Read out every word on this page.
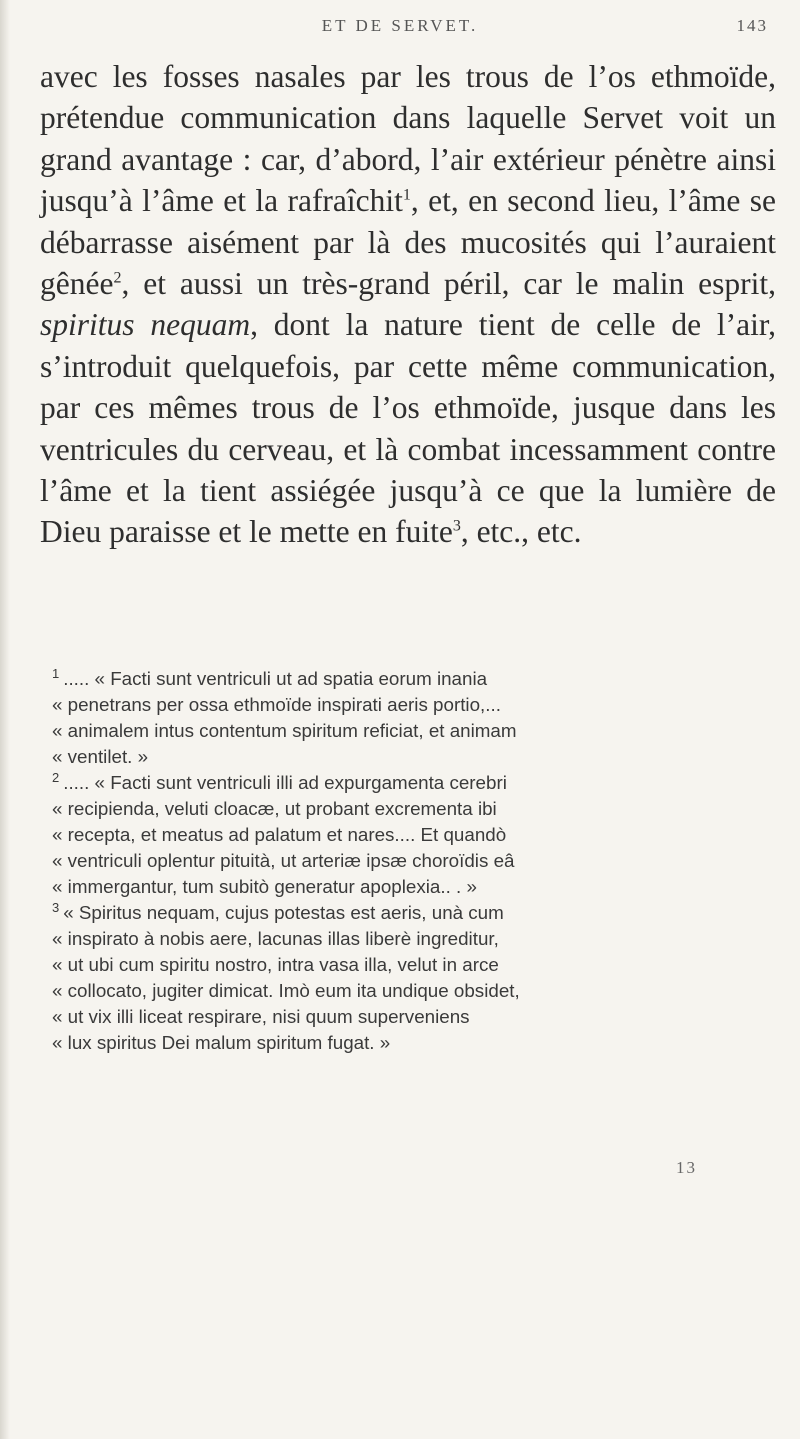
ET DE SERVET.	143

avec les fosses nasales par les trous de l’os ethmoïde, prétendue communication dans laquelle Servet voit un grand avantage : car, d’abord, l’air extérieur pénètre ainsi jusqu’à l’âme et la rafraîchit$^1$, et, en second lieu, l’âme se débarrasse aisément par là des mucosités qui l’auraient gênée$^2$, et aussi un très-grand péril, car le malin esprit, spiritus nequam, dont la nature tient de celle de l’air, s’introduit quelquefois, par cette même communication, par ces mêmes trous de l’os ethmoïde, jusque dans les ventricules du cerveau, et là combat incessamment contre l’âme et la tient assiégée jusqu’à ce que la lumière de Dieu paraisse et le mette en fuite$^3$, etc., etc.

$^1$ ..... « Facti sunt ventriculi ut ad spatia eorum inania
« penetrans per ossa ethmoïde inspirati aeris portio,...
« animalem intus contentum spiritum reficiat, et animam
« ventilet. »
$^2$ ..... « Facti sunt ventriculi illi ad expurgamenta cerebri
« recipienda, veluti cloacæ, ut probant excrementa ibi
« recepta, et meatus ad palatum et nares.... Et quandò
« ventriculi oplentur pituità, ut arteriæ ipsæ choroïdis eâ
« immergantur, tum subitò generatur apoplexia.. . »
$^3$ « Spiritus nequam, cujus potestas est aeris, unà cum
« inspirato à nobis aere, lacunas illas liberè ingreditur,
« ut ubi cum spiritu nostro, intra vasa illa, velut in arce
« collocato, jugiter dimicat. Imò eum ita undique obsidet,
« ut vix illi liceat respirare, nisi quum superveniens
« lux spiritus Dei malum spiritum fugat. »
13
